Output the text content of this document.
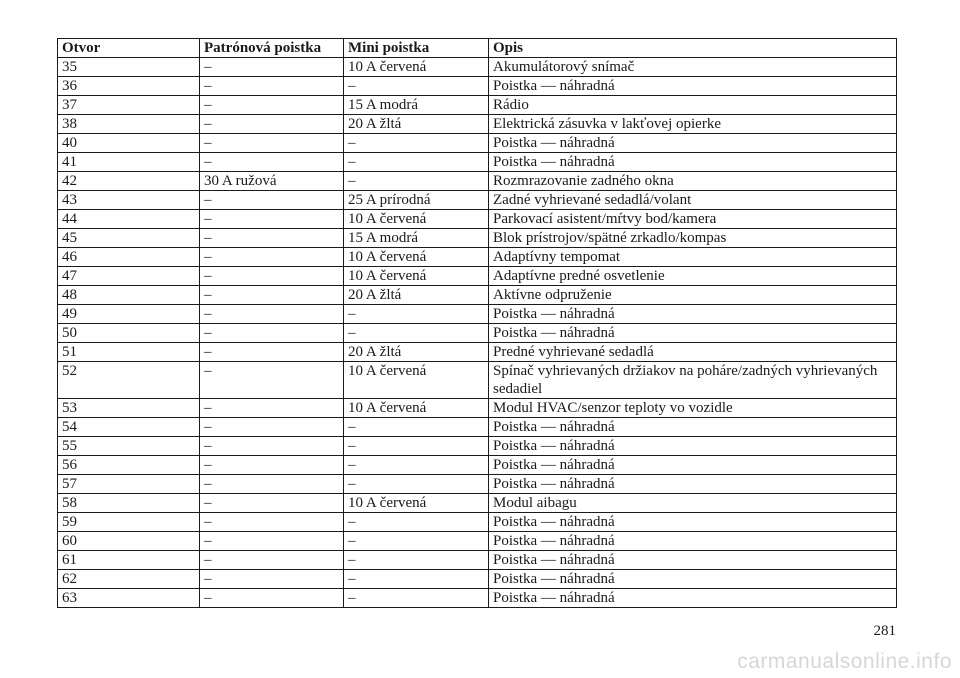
Otvor	Patrónová poistka	Mini poistka	Opis
35	–	10 A červená	Akumulátorový snímač
36	–	–	Poistka — náhradná
37	–	15 A modrá	Rádio
38	–	20 A žltá	Elektrická zásuvka v lakťovej opierke
40	–	–	Poistka — náhradná
41	–	–	Poistka — náhradná
42	30 A ružová	–	Rozmrazovanie zadného okna
43	–	25 A prírodná	Zadné vyhrievané sedadlá/volant
44	–	10 A červená	Parkovací asistent/mŕtvy bod/kamera
45	–	15 A modrá	Blok prístrojov/spätné zrkadlo/kompas
46	–	10 A červená	Adaptívny tempomat
47	–	10 A červená	Adaptívne predné osvetlenie
48	–	20 A žltá	Aktívne odpruženie
49	–	–	Poistka — náhradná
50	–	–	Poistka — náhradná
51	–	20 A žltá	Predné vyhrievané sedadlá
52	–	10 A červená	Spínač vyhrievaných držiakov na poháre/zadných vyhrievaných sedadiel
53	–	10 A červená	Modul HVAC/senzor teploty vo vozidle
54	–	–	Poistka — náhradná
55	–	–	Poistka — náhradná
56	–	–	Poistka — náhradná
57	–	–	Poistka — náhradná
58	–	10 A červená	Modul aibagu
59	–	–	Poistka — náhradná
60	–	–	Poistka — náhradná
61	–	–	Poistka — náhradná
62	–	–	Poistka — náhradná
63	–	–	Poistka — náhradná
281
carmanualsonline.info
